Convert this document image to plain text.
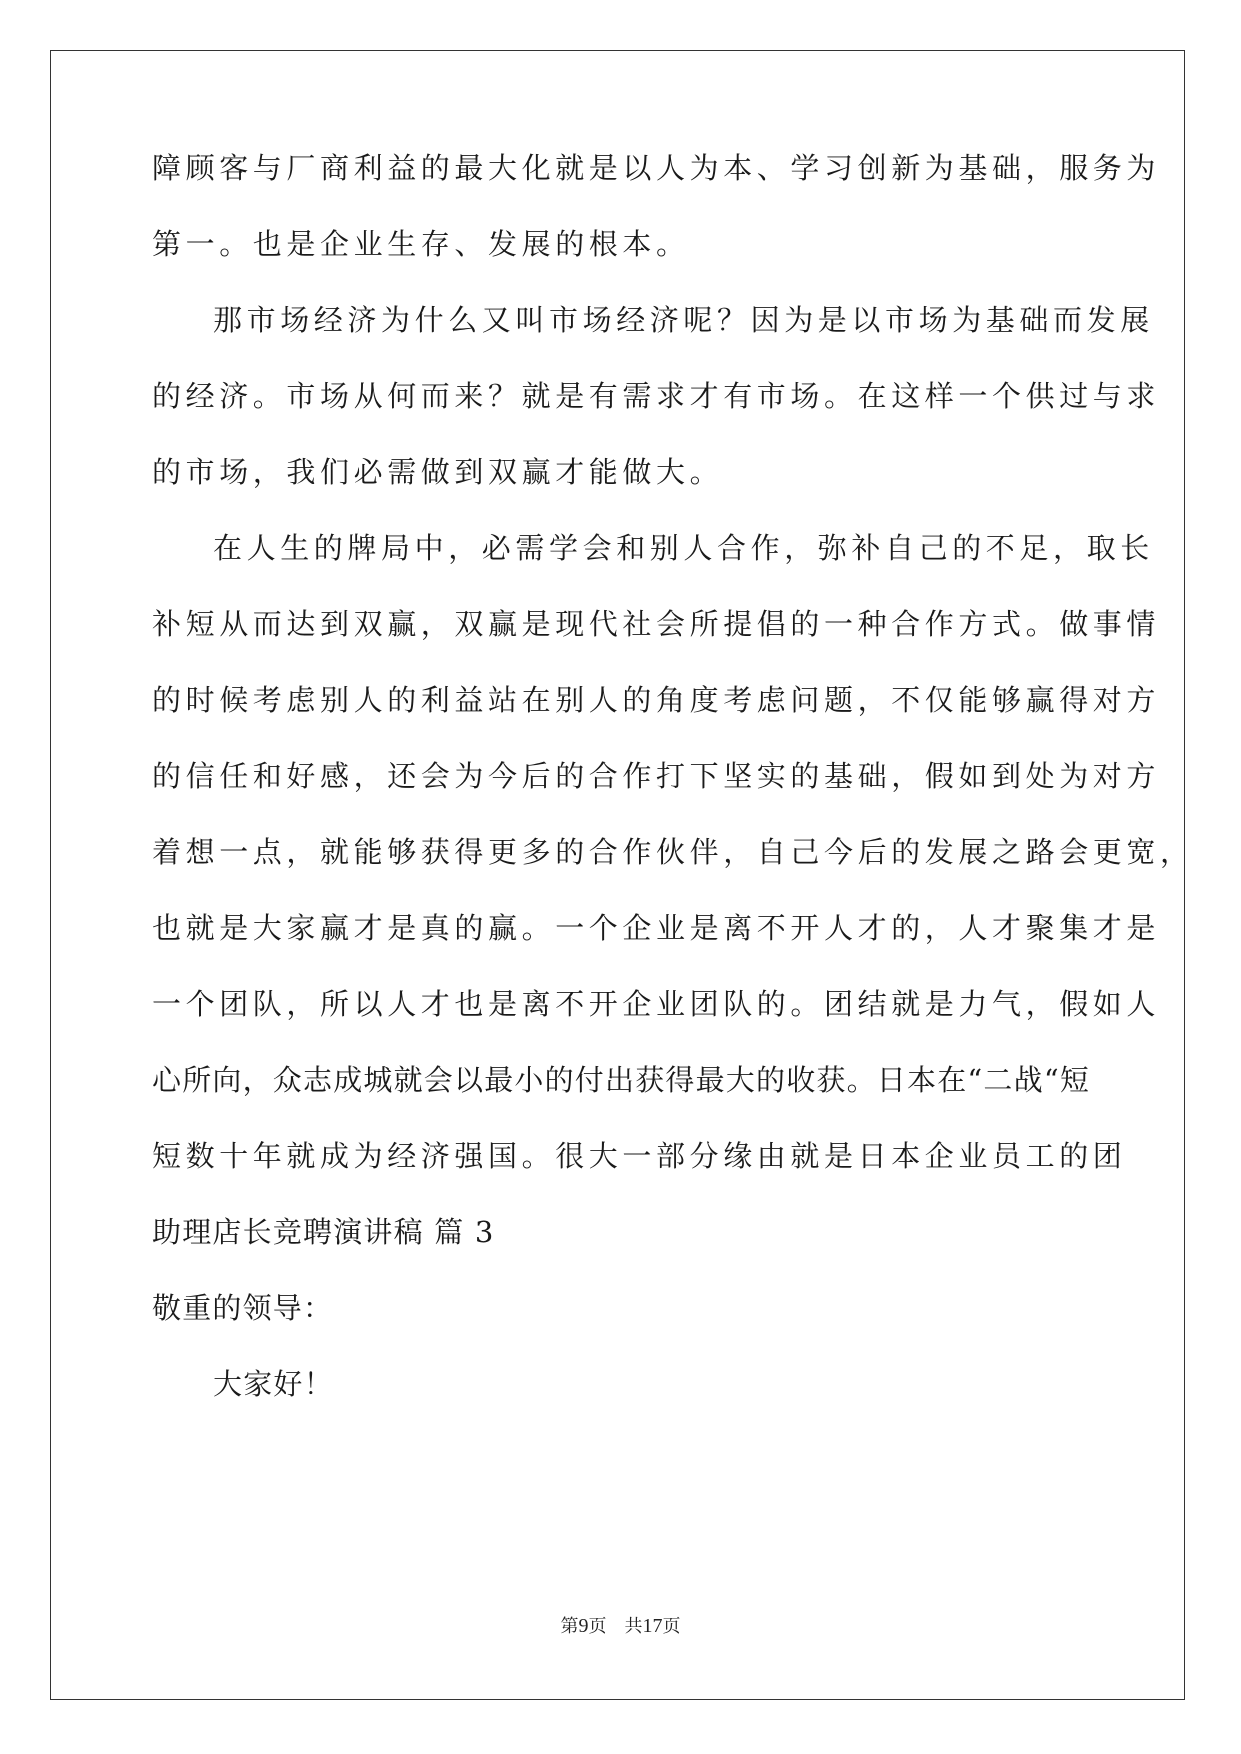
障顾客与厂商利益的最大化就是以人为本、学习创新为基础，服务为
第一。也是企业生存、发展的根本。
那市场经济为什么又叫市场经济呢？因为是以市场为基础而发展
的经济。市场从何而来？就是有需求才有市场。在这样一个供过与求
的市场，我们必需做到双赢才能做大。
在人生的牌局中，必需学会和别人合作，弥补自己的不足，取长
补短从而达到双赢，双赢是现代社会所提倡的一种合作方式。做事情
的时候考虑别人的利益站在别人的角度考虑问题，不仅能够赢得对方
的信任和好感，还会为今后的合作打下坚实的基础，假如到处为对方
着想一点，就能够获得更多的合作伙伴，自己今后的发展之路会更宽，
也就是大家赢才是真的赢。一个企业是离不开人才的，人才聚集才是
一个团队，所以人才也是离不开企业团队的。团结就是力气，假如人
心所向，众志成城就会以最小的付出获得最大的收获。日本在“二战“短
短数十年就成为经济强国。很大一部分缘由就是日本企业员工的团
助理店长竞聘演讲稿 篇 3
敬重的领导：
大家好！
第9页 共17页
